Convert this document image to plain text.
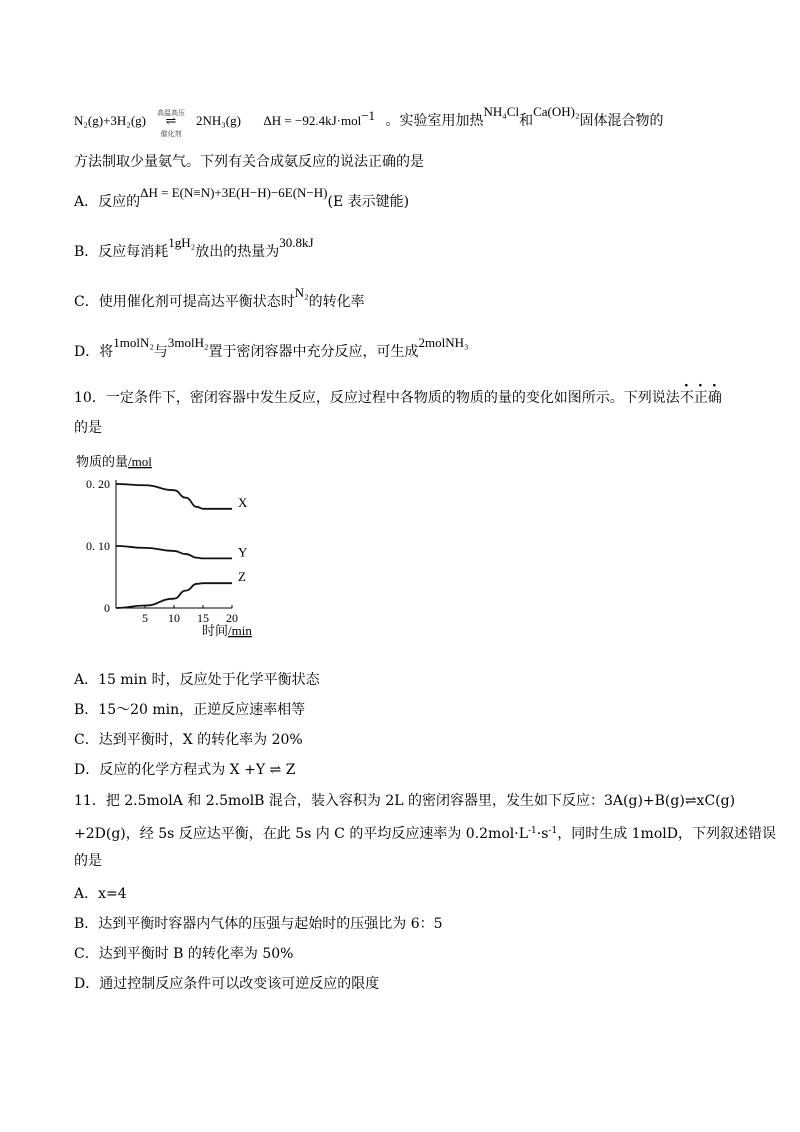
N₂(g)+3H₂(g)	高温高压
⇌
催化剂
2NH₃(g) ΔH = −92.4kJ·mol$^{-1}$ 。实验室用加热NH₄Cl和Ca(OH)₂固体混合物的
方法制取少量氨气。下列有关合成氨反应的说法正确的是
A．反应的ΔH = E(N≡N)+3E(H−H)−6E(N−H)(E 表示键能)
B．反应每消耗1gH₂放出的热量为30.8kJ
C．使用催化剂可提高达平衡状态时N₂的转化率
D．将1molN₂与3molH₂置于密闭容器中充分反应，可生成2molNH₃
10．一定条件下，密闭容器中发生反应，反应过程中各物质的物质的量的变化如图所示。下列说法不正确
的是
物质的量/mol
0. 20
0. 10
0
5 10 15 20
X
Y
Z
时间/min
A．15 min 时，反应处于化学平衡状态
B．15～20 min，正逆反应速率相等
C．达到平衡时，X 的转化率为 20%
D．反应的化学方程式为 X +Y ⇌ Z
11．把 2.5molA 和 2.5molB 混合，装入容积为 2L 的密闭容器里，发生如下反应：3A(g)+B(g)⇌xC(g)
+2D(g)，经 5s 反应达平衡，在此 5s 内 C 的平均反应速率为 $0.2mol\cdot L^{-1}\cdot s^{-1}$，同时生成 1molD，下列叙述错误
的是
A．x=4
B．达到平衡时容器内气体的压强与起始时的压强比为 6：5
C．达到平衡时 B 的转化率为 50%
D．通过控制反应条件可以改变该可逆反应的限度
